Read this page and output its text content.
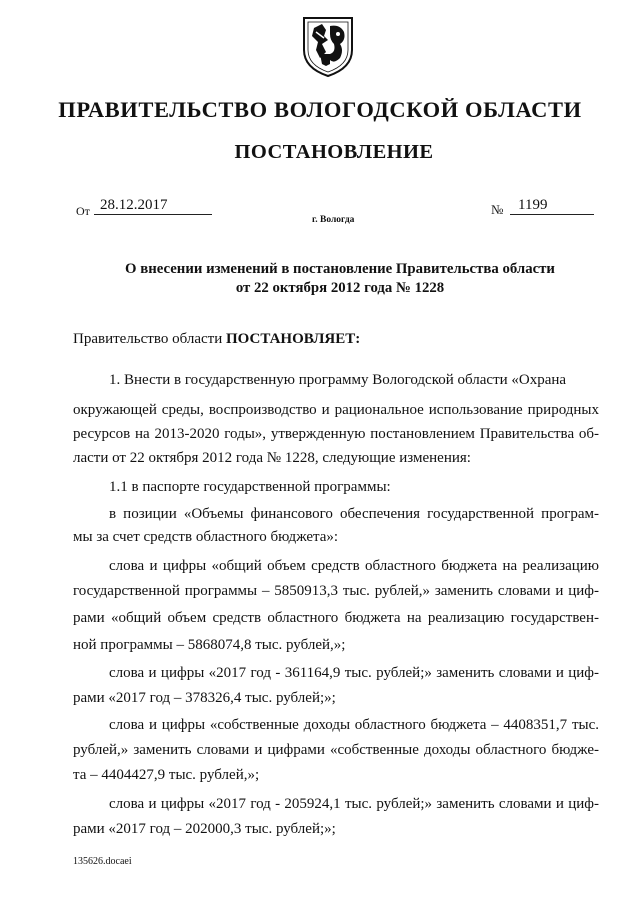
ПРАВИТЕЛЬСТВО ВОЛОГОДСКОЙ ОБЛАСТИ
ПОСТАНОВЛЕНИЕ
От 28.12.2017	№ 1199
г. Вологда
О внесении изменений в постановление Правительства области
от 22 октября 2012 года № 1228
Правительство области ПОСТАНОВЛЯЕТ:
1. Внести в государственную программу Вологодской области «Охрана
окружающей среды, воспроизводство и рациональное использование природных
ресурсов на 2013-2020 годы», утвержденную постановлением Правительства об-
ласти от 22 октября 2012 года № 1228, следующие изменения:
1.1 в паспорте государственной программы:
в позиции «Объемы финансового обеспечения государственной програм-
мы за счет средств областного бюджета»:
слова и цифры «общий объем средств областного бюджета на реализацию
государственной программы – 5850913,3 тыс. рублей,» заменить словами и циф-
рами «общий объем средств областного бюджета на реализацию государствен-
ной программы – 5868074,8 тыс. рублей,»;
слова и цифры «2017 год - 361164,9 тыс. рублей;» заменить словами и циф-
рами «2017 год – 378326,4 тыс. рублей;»;
слова и цифры «собственные доходы областного бюджета – 4408351,7 тыс.
рублей,» заменить словами и цифрами «собственные доходы областного бюдже-
та – 4404427,9 тыс. рублей,»;
слова и цифры «2017 год - 205924,1 тыс. рублей;» заменить словами и циф-
рами «2017 год – 202000,3 тыс. рублей;»;
135626.docaei
